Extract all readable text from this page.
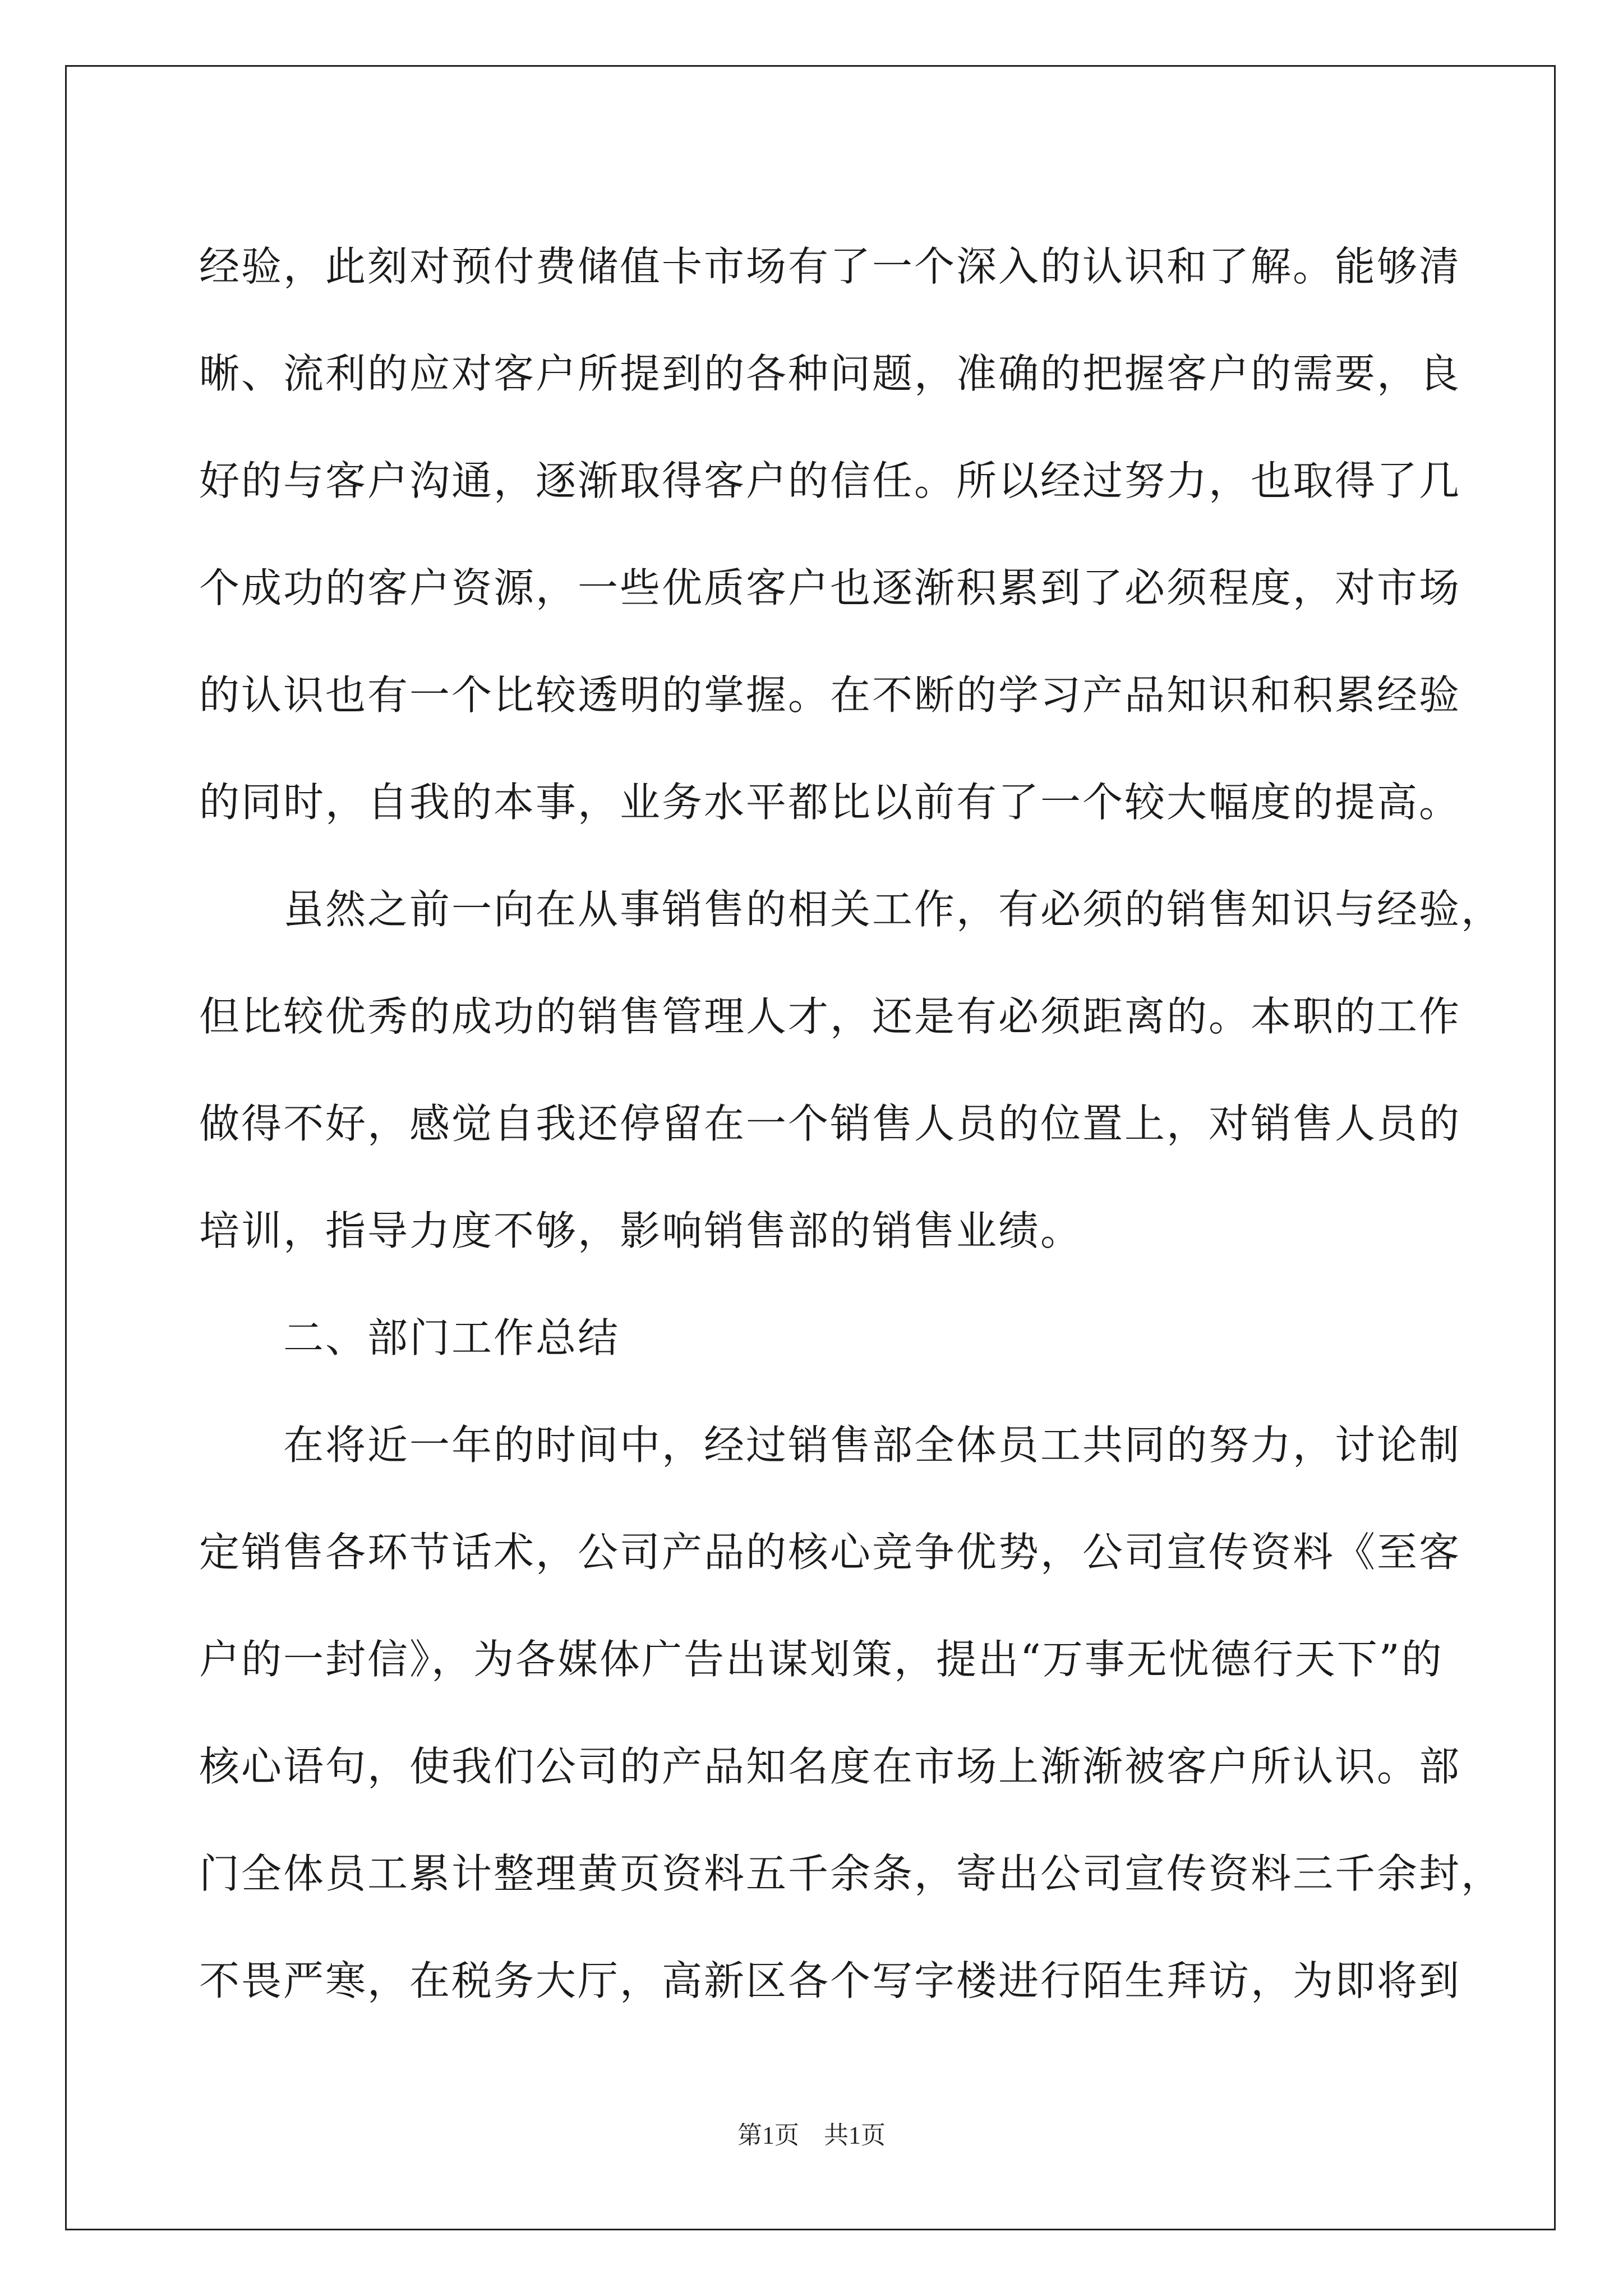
经验，此刻对预付费储值卡市场有了一个深入的认识和了解。能够清
晰、流利的应对客户所提到的各种问题，准确的把握客户的需要，良
好的与客户沟通，逐渐取得客户的信任。所以经过努力，也取得了几
个成功的客户资源，一些优质客户也逐渐积累到了必须程度，对市场
的认识也有一个比较透明的掌握。在不断的学习产品知识和积累经验
的同时，自我的本事，业务水平都比以前有了一个较大幅度的提高。
虽然之前一向在从事销售的相关工作，有必须的销售知识与经验，
但比较优秀的成功的销售管理人才，还是有必须距离的。本职的工作
做得不好，感觉自我还停留在一个销售人员的位置上，对销售人员的
培训，指导力度不够，影响销售部的销售业绩。
二、部门工作总结
在将近一年的时间中，经过销售部全体员工共同的努力，讨论制
定销售各环节话术，公司产品的核心竞争优势，公司宣传资料《至客
户的一封信》，为各媒体广告出谋划策，提出“万事无忧德行天下”的
核心语句，使我们公司的产品知名度在市场上渐渐被客户所认识。部
门全体员工累计整理黄页资料五千余条，寄出公司宣传资料三千余封，
不畏严寒，在税务大厅，高新区各个写字楼进行陌生拜访，为即将到
第1页　共1页
